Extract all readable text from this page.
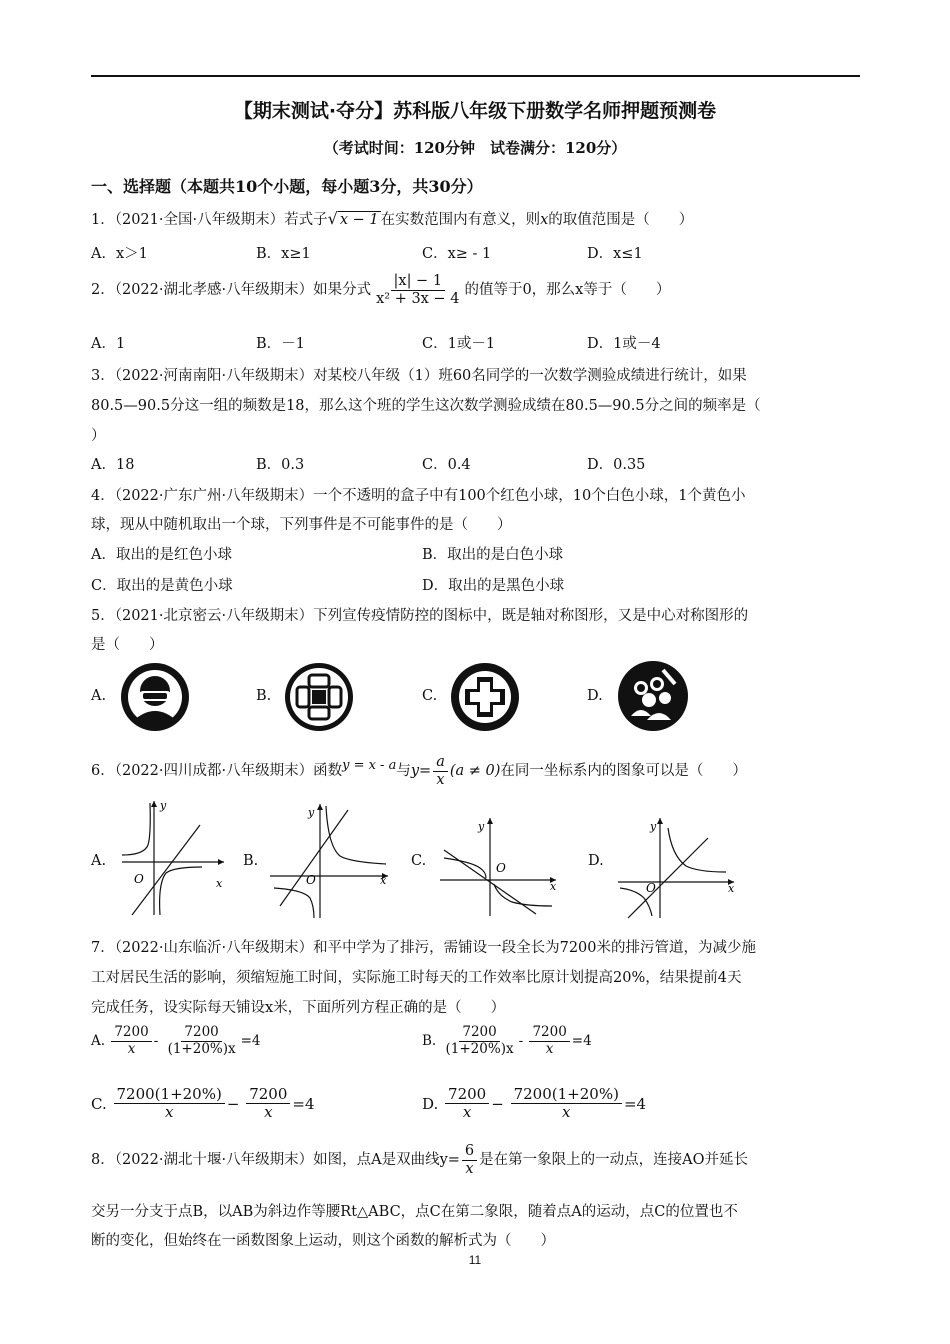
【期末测试·夺分】苏科版八年级下册数学名师押题预测卷
（考试时间：120分钟　试卷满分：120分）
一、选择题（本题共10个小题，每小题3分，共30分）
1．（2021·全国·八年级期末）若式子√ x − 1 在实数范围内有意义，则x的取值范围是（　　）
A．x＞1	B．x≥1	C．x≥ - 1	D．x≤1
2．（2022·湖北孝感·八年级期末）如果分式 $\frac{|x| - 1}{\text{x² + 3x − 4}}$ 的值等于0，那么x等于（　　）
A．1	B．－1	C．1或－1	D．1或－4
3．（2022·河南南阳·八年级期末）对某校八年级（1）班60名同学的一次数学测验成绩进行统计，如果
80.5—90.5分这一组的频数是18，那么这个班的学生这次数学测验成绩在80.5—90.5分之间的频率是（
）
A．18	B．0.3	C．0.4	D．0.35
4．（2022·广东广州·八年级期末）一个不透明的盒子中有100个红色小球，10个白色小球，1个黄色小
球，现从中随机取出一个球，下列事件是不可能事件的是（　　）
A．取出的是红色小球	B．取出的是白色小球
C．取出的是黄色小球	D．取出的是黑色小球
5．（2021·北京密云·八年级期末）下列宣传疫情防控的图标中，既是轴对称图形，又是中心对称图形的
是（　　）
A.	B.	C.	D.
6．（2022·四川成都·八年级期末）函数y = x - a与$y= \frac{a}{x} (a \ne 0)$在同一坐标系内的图象可以是（　　）
A.
y
x
O
B.
y
x
O
C.
y
x
O	D.
y
x
O
7．（2022·山东临沂·八年级期末）和平中学为了排污，需铺设一段全长为7200米的排污管道，为减少施
工对居民生活的影响，须缩短施工时间，实际施工时每天的工作效率比原计划提高20%，结果提前4天
完成任务，设实际每天铺设x米，下面所列方程正确的是（　　）
A. $\frac{7200}{x} - \frac{7200}{(1+20\%)x} =4$	B. $\frac{7200}{(1+20\%)x} - \frac{7200}{x} =4$
C. $\frac{7200(1+20\%)}{x} - \frac{7200}{x} =4$	D. $\frac{7200}{x} - \frac{7200(1+20\%)}{x} =4$
8．（2022·湖北十堰·八年级期末）如图，点A是双曲线$y= \frac{6}{x}$ 是在第一象限上的一动点，连接AO并延长
交另一分支于点B，以AB为斜边作等腰Rt△ABC，点C在第二象限，随着点A的运动，点C的位置也不
断的变化，但始终在一函数图象上运动，则这个函数的解析式为（　　）
11
